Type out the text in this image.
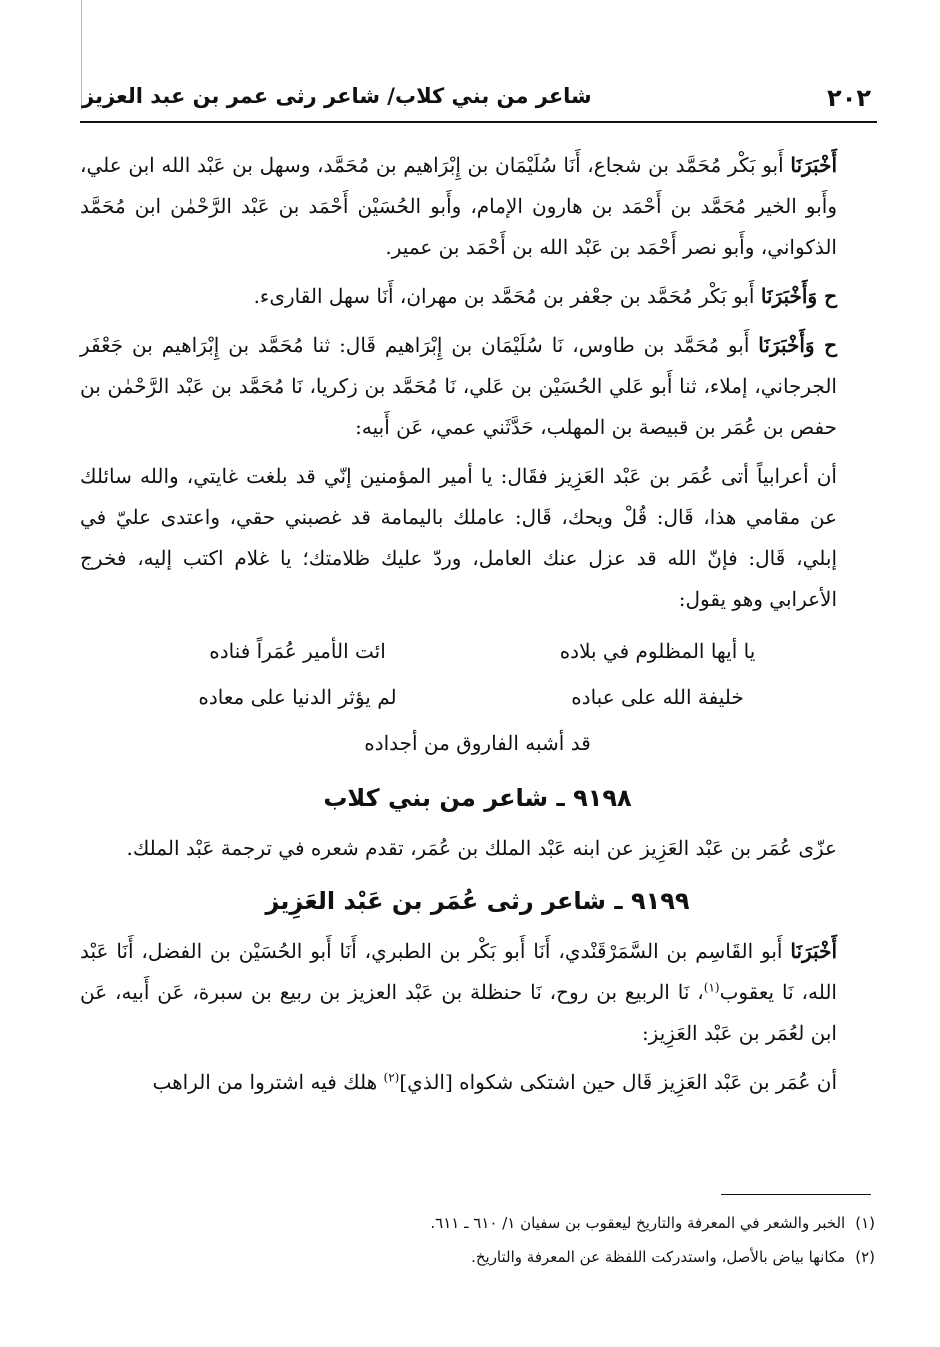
٢٠٢
شاعر من بني كلاب/ شاعر رثى عمر بن عبد العزيز

أَخْبَرَنَا أَبو بَكْر مُحَمَّد بن شجاع، أَنَا سُلَيْمَان بن إِبْرَاهيم بن مُحَمَّد، وسهل بن عَبْد الله ابن علي، وأَبو الخير مُحَمَّد بن أَحْمَد بن هارون الإمام، وأَبو الحُسَيْن أَحْمَد بن عَبْد الرَّحْمٰن ابن مُحَمَّد الذكواني، وأَبو نصر أَحْمَد بن عَبْد الله بن أَحْمَد بن عمير.

ح وَأَخْبَرَنَا أَبو بَكْر مُحَمَّد بن جعْفر بن مُحَمَّد بن مهران، أَنَا سهل القارىء.

ح وَأَخْبَرَنَا أَبو مُحَمَّد بن طاوس، نَا سُلَيْمَان بن إِبْرَاهيم قَال: ثنا مُحَمَّد بن إِبْرَاهيم بن جَعْفَر الجرجاني، إملاء، ثنا أَبو عَلي الحُسَيْن بن عَلي، نَا مُحَمَّد بن زكريا، نَا مُحَمَّد بن عَبْد الرَّحْمٰن بن حفص بن عُمَر بن قبيصة بن المهلب، حَدَّثَني عمي، عَن أَبيه:

أن أعرابياً أتى عُمَر بن عَبْد العَزِيز فقَال: يا أمير المؤمنين إنّي قد بلغت غايتي، والله سائلك عن مقامي هذا، قَال: قُلْ ويحك، قَال: عاملك باليمامة قد غصبني حقي، واعتدى عليّ في إبلي، قَال: فإنّ الله قد عزل عنك العامل، وردّ عليك ظلامتك؛ يا غلام اكتب إليه، فخرج الأعرابي وهو يقول:

يا أيها المظلوم في بلاده
ائت الأمير عُمَراً فناده
خليفة الله على عباده
لم يؤثر الدنيا على معاده
قد أشبه الفاروق من أجداده
٩١٩٨ ـ شاعر من بني كلاب

عزّى عُمَر بن عَبْد العَزِيز عن ابنه عَبْد الملك بن عُمَر، تقدم شعره في ترجمة عَبْد الملك.

٩١٩٩ ـ شاعر رثى عُمَر بن عَبْد العَزِيز

أَخْبَرَنَا أَبو القَاسِم بن السَّمَرْقَنْدي، أَنَا أَبو بَكْر بن الطبري، أَنَا أَبو الحُسَيْن بن الفضل، أَنَا عَبْد الله، نَا يعقوب$^{(١)}$، نَا الربيع بن روح، نَا حنظلة بن عَبْد العزيز بن ربيع بن سبرة، عَن أَبيه، عَن ابن لعُمَر بن عَبْد العَزِيز:

أن عُمَر بن عَبْد العَزِيز قَال حين اشتكى شكواه [الذي]$^{(٢)}$ هلك فيه اشتروا من الراهب

(١)الخبر والشعر في المعرفة والتاريخ ليعقوب بن سفيان ١/ ٦١٠ ـ ٦١١.
(٢)مكانها بياض بالأصل، واستدركت اللفظة عن المعرفة والتاريخ.
